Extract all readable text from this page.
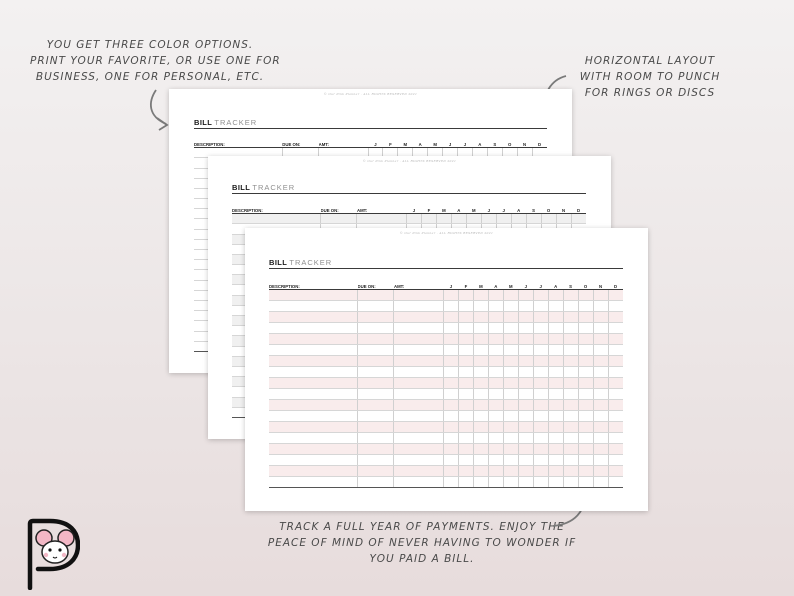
YOU GET THREE COLOR OPTIONS.
PRINT YOUR FAVORITE, OR USE ONE FOR
BUSINESS, ONE FOR PERSONAL, ETC.
HORIZONTAL LAYOUT
WITH ROOM TO PUNCH
FOR RINGS OR DISCS
TRACK A FULL YEAR OF PAYMENTS. ENJOY THE
PEACE OF MIND OF NEVER HAVING TO WONDER IF
YOU PAID A BILL.
© Our Pink Planner · ALL RIGHTS RESERVED 2021
BILL TRACKER
DESCRIPTION:	DUE ON:	AMT:	J	F	M	A	M	J	J	A	S	O	N	D

© Our Pink Planner · ALL RIGHTS RESERVED 2021
BILL TRACKER
DESCRIPTION:	DUE ON:	AMT:	J	F	M	A	M	J	J	A	S	O	N	D

© Our Pink Planner · ALL RIGHTS RESERVED 2021
BILL TRACKER
DESCRIPTION:	DUE ON:	AMT:	J	F	M	A	M	J	J	A	S	O	N	D
